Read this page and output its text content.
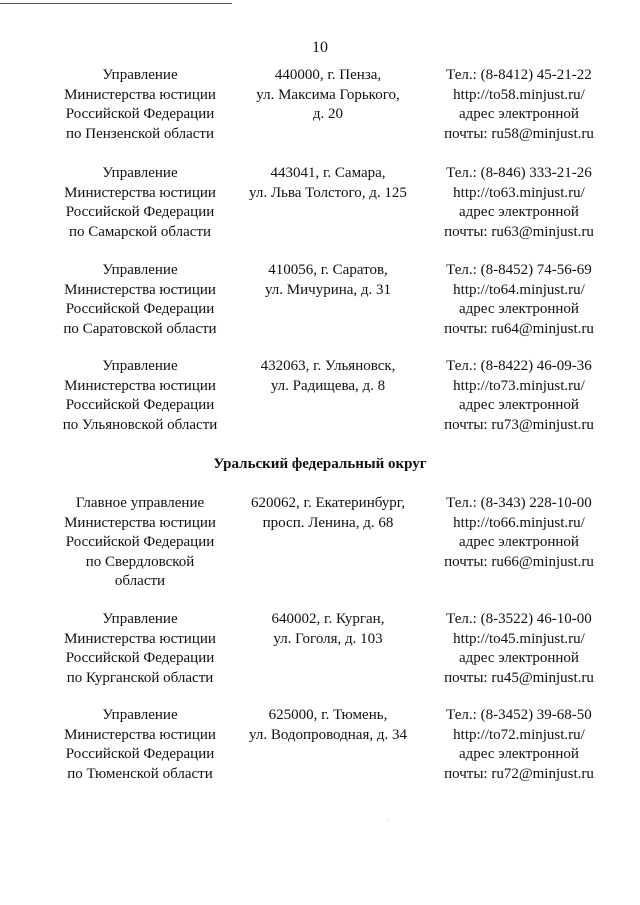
10
Управление
Министерства юстиции
Российской Федерации
по Пензенской области
440000, г. Пенза,
ул. Максима Горького,
д. 20
Тел.: (8-8412) 45-21-22
http://to58.minjust.ru/
адрес электронной
почты: ru58@minjust.ru
Управление
Министерства юстиции
Российской Федерации
по Самарской области
443041, г. Самара,
ул. Льва Толстого, д. 125
Тел.: (8-846) 333-21-26
http://to63.minjust.ru/
адрес электронной
почты: ru63@minjust.ru
Управление
Министерства юстиции
Российской Федерации
по Саратовской области
410056, г. Саратов,
ул. Мичурина, д. 31
Тел.: (8-8452) 74-56-69
http://to64.minjust.ru/
адрес электронной
почты: ru64@minjust.ru
Управление
Министерства юстиции
Российской Федерации
по Ульяновской области
432063, г. Ульяновск,
ул. Радищева, д. 8
Тел.: (8-8422) 46-09-36
http://to73.minjust.ru/
адрес электронной
почты: ru73@minjust.ru
Уральский федеральный округ
Главное управление
Министерства юстиции
Российской Федерации
по Свердловской
области
620062, г. Екатеринбург,
просп. Ленина, д. 68
Тел.: (8-343) 228-10-00
http://to66.minjust.ru/
адрес электронной
почты: ru66@minjust.ru
Управление
Министерства юстиции
Российской Федерации
по Курганской области
640002, г. Курган,
ул. Гоголя, д. 103
Тел.: (8-3522) 46-10-00
http://to45.minjust.ru/
адрес электронной
почты: ru45@minjust.ru
Управление
Министерства юстиции
Российской Федерации
по Тюменской области
625000, г. Тюмень,
ул. Водопроводная, д. 34
Тел.: (8-3452) 39-68-50
http://to72.minjust.ru/
адрес электронной
почты: ru72@minjust.ru
